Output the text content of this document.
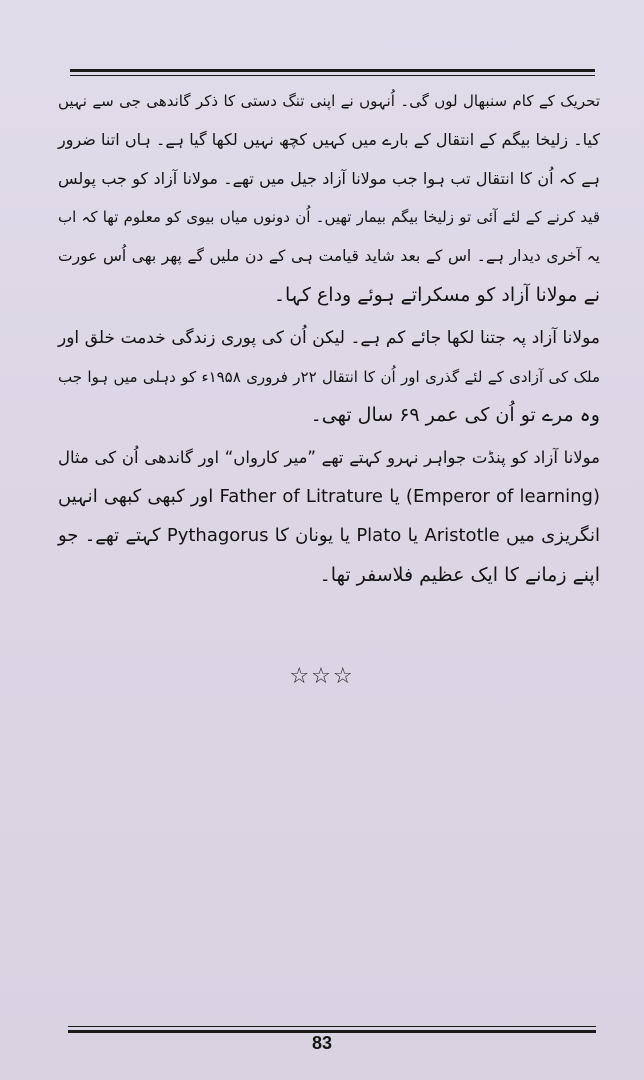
تحریک کے کام سنبھال لوں گی۔ اُنہوں نے اپنی تنگ دستی کا ذکر گاندھی جی سے نہیں
کیا۔ زلیخا بیگم کے انتقال کے بارے میں کہیں کچھ نہیں لکھا گیا ہے۔ ہاں اتنا ضرور
ہے کہ اُن کا انتقال تب ہوا جب مولانا آزاد جیل میں تھے۔ مولانا آزاد کو جب پولس
قید کرنے کے لئے آئی تو زلیخا بیگم بیمار تھیں۔ اُن دونوں میاں بیوی کو معلوم تھا کہ اب
یہ آخری دیدار ہے۔ اس کے بعد شاید قیامت ہی کے دن ملیں گے پھر بھی اُس عورت
نے مولانا آزاد کو مسکراتے ہوئے وداع کہا۔
مولانا آزاد پہ جتنا لکھا جائے کم ہے۔ لیکن اُن کی پوری زندگی خدمت خلق اور
ملک کی آزادی کے لئے گذری اور اُن کا انتقال ۲۲ر فروری ۱۹۵۸ء کو دہلی میں ہوا جب
وہ مرے تو اُن کی عمر ۶۹ سال تھی۔
مولانا آزاد کو پنڈت جواہر نہرو کہتے تھے ”میر کارواں“ اور گاندھی اُن کی مثال
(Emperor of learning) یا Father of Litrature اور کبھی کبھی انہیں
انگریزی میں Aristotle یا Plato یا یونان کا Pythagorus کہتے تھے۔ جو
اپنے زمانے کا ایک عظیم فلاسفر تھا۔
☆☆☆
83
